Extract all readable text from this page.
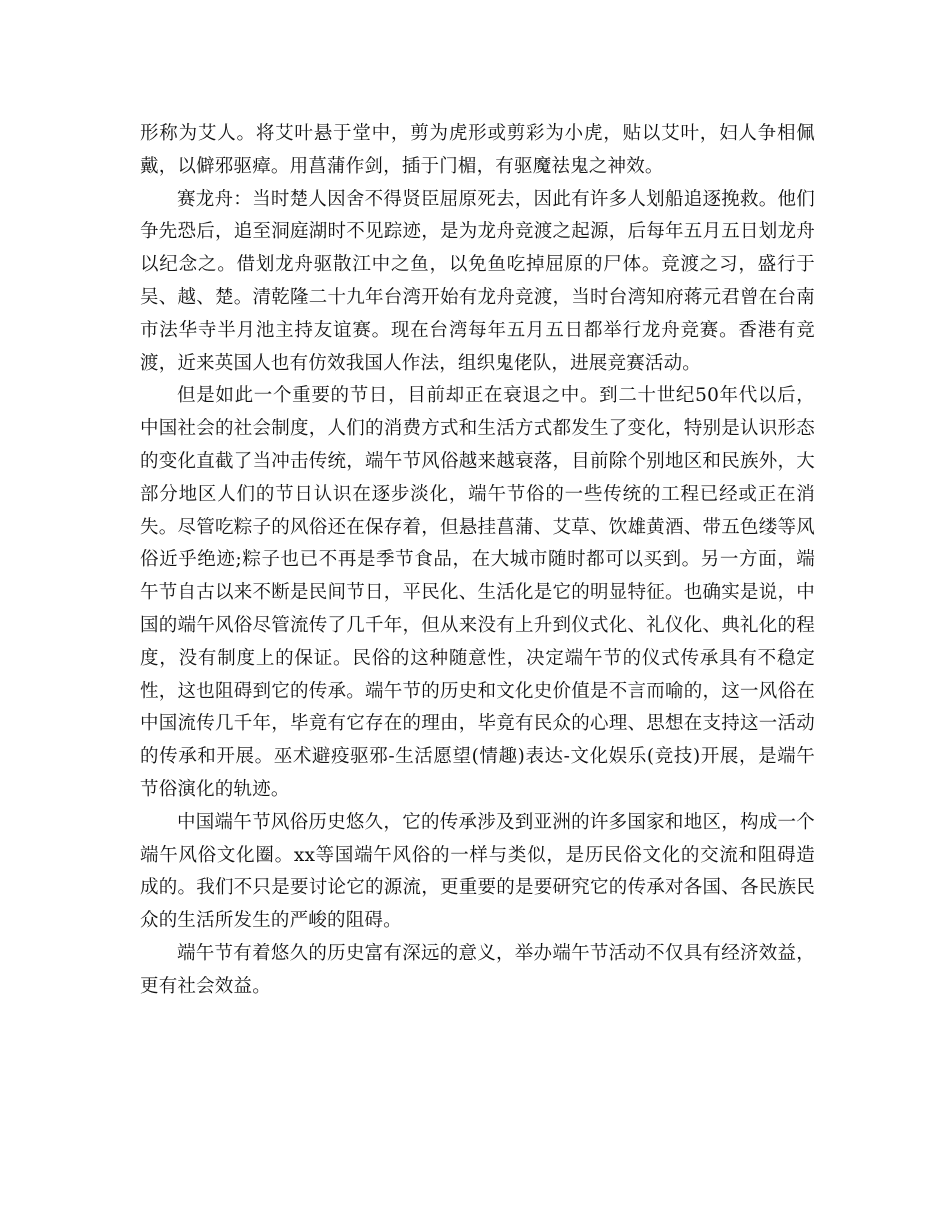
形称为艾人。将艾叶悬于堂中，剪为虎形或剪彩为小虎，贴以艾叶，妇人争相佩戴，以僻邪驱瘴。用菖蒲作剑，插于门楣，有驱魔祛鬼之神效。

赛龙舟：当时楚人因舍不得贤臣屈原死去，因此有许多人划船追逐挽救。他们争先恐后，追至洞庭湖时不见踪迹，是为龙舟竞渡之起源，后每年五月五日划龙舟以纪念之。借划龙舟驱散江中之鱼，以免鱼吃掉屈原的尸体。竞渡之习，盛行于吴、越、楚。清乾隆二十九年台湾开始有龙舟竞渡，当时台湾知府蒋元君曾在台南市法华寺半月池主持友谊赛。现在台湾每年五月五日都举行龙舟竞赛。香港有竞渡，近来英国人也有仿效我国人作法，组织鬼佬队，进展竞赛活动。

但是如此一个重要的节日，目前却正在衰退之中。到二十世纪50年代以后，中国社会的社会制度，人们的消费方式和生活方式都发生了变化，特别是认识形态的变化直截了当冲击传统，端午节风俗越来越衰落，目前除个别地区和民族外，大部分地区人们的节日认识在逐步淡化，端午节俗的一些传统的工程已经或正在消失。尽管吃粽子的风俗还在保存着，但悬挂菖蒲、艾草、饮雄黄酒、带五色缕等风俗近乎绝迹;粽子也已不再是季节食品，在大城市随时都可以买到。另一方面，端午节自古以来不断是民间节日，平民化、生活化是它的明显特征。也确实是说，中国的端午风俗尽管流传了几千年，但从来没有上升到仪式化、礼仪化、典礼化的程度，没有制度上的保证。民俗的这种随意性，决定端午节的仪式传承具有不稳定性，这也阻碍到它的传承。端午节的历史和文化史价值是不言而喻的，这一风俗在中国流传几千年，毕竟有它存在的理由，毕竟有民众的心理、思想在支持这一活动的传承和开展。巫术避疫驱邪-生活愿望(情趣)表达-文化娱乐(竞技)开展，是端午节俗演化的轨迹。

中国端午节风俗历史悠久，它的传承涉及到亚洲的许多国家和地区，构成一个端午风俗文化圈。xx等国端午风俗的一样与类似，是历民俗文化的交流和阻碍造成的。我们不只是要讨论它的源流，更重要的是要研究它的传承对各国、各民族民众的生活所发生的严峻的阻碍。

端午节有着悠久的历史富有深远的意义，举办端午节活动不仅具有经济效益，更有社会效益。
